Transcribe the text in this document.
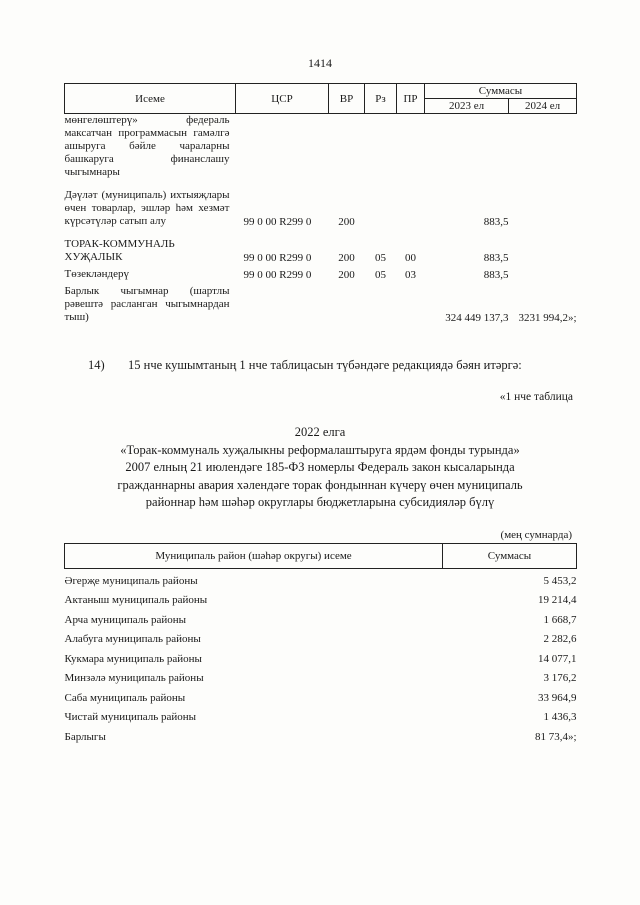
1414
Исеме	ЦСР	ВР	Рз	ПР	Суммасы	
					2023 ел	2024 ел
мөнгелөштерү» федераль максатчан программасын гамәлгә ашыруга бәйле чараларны башкаруга финанслашу чыгымнары						

Дәүләт (муниципаль) ихтыяҗлары өчен товарлар, эшләр һәм хезмәт күрсәтүләр сатып алу	99 0 00 R299 0	200			883,5	

ТОРАК-КОММУНАЛЬ ХУҖАЛЫК	99 0 00 R299 0	200	05	00	883,5	

Төзекләндерү	99 0 00 R299 0	200	05	03	883,5	

Барлык чыгымнар (шартлы рәвештә расланган чыгымнардан тыш)					324 449 137,3	3231 994,2»;
14) 15 нче кушымтаның 1 нче таблицасын түбәндәге редакциядә бәян итәргә:
«1 нче таблица
2022 елга
«Торак-коммуналь хуҗалыкны реформалаштыруга ярдәм фонды турында»
2007 елның 21 июлендәге 185-ФЗ номерлы Федераль закон кысаларында
гражданнарны авария хәлендәге торак фондыннан күчерү өчен муниципаль
районнар һәм шәһәр округлары бюджетларына субсидияләр бүлү
(мең сумнарда)
Муниципаль район (шәһәр округы) исеме	Суммасы
Әгерҗе муниципаль районы	5 453,2
Актаныш муниципаль районы	19 214,4
Арча муниципаль районы	1 668,7
Алабуга муниципаль районы	2 282,6
Кукмара муниципаль районы	14 077,1
Минзәлә муниципаль районы	3 176,2
Саба муниципаль районы	33 964,9
Чистай муниципаль районы	1 436,3
Барлыгы	81 73,4»;
